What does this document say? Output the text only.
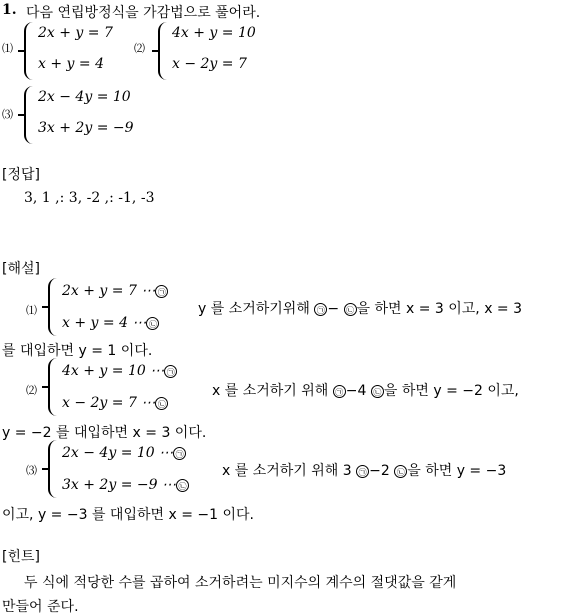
1. 다음 연립방정식을 가감법으로 풀어라.
⑴
2x + y = 7
x + y = 4
⑵
4x + y = 10
x − 2y = 7
⑶
2x − 4y = 10
3x + 2y = −9
[정답]
3, 1 ,: 3, -2 ,: -1, -3
[해설]
⑴
2x + y = 7 ⋯ ㉠
x + y = 4 ⋯ ㉡
y 를 소거하기위해 ㉠ − ㉡ 을 하면 x = 3 이고, x = 3
를 대입하면 y = 1 이다.
⑵
4x + y = 10 ⋯ ㉠
x − 2y = 7 ⋯ ㉡
x 를 소거하기 위해 ㉠ −4 ㉡ 을 하면 y = −2 이고,
y = −2 를 대입하면 x = 3 이다.
⑶
2x − 4y = 10 ⋯ ㉠
3x + 2y = −9 ⋯ ㉡
x 를 소거하기 위해 3 ㉠ −2 ㉡ 을 하면 y = −3
이고, y = −3 를 대입하면 x = −1 이다.
[힌트]
두 식에 적당한 수를 곱하여 소거하려는 미지수의 계수의 절댓값을 같게
만들어 준다.
